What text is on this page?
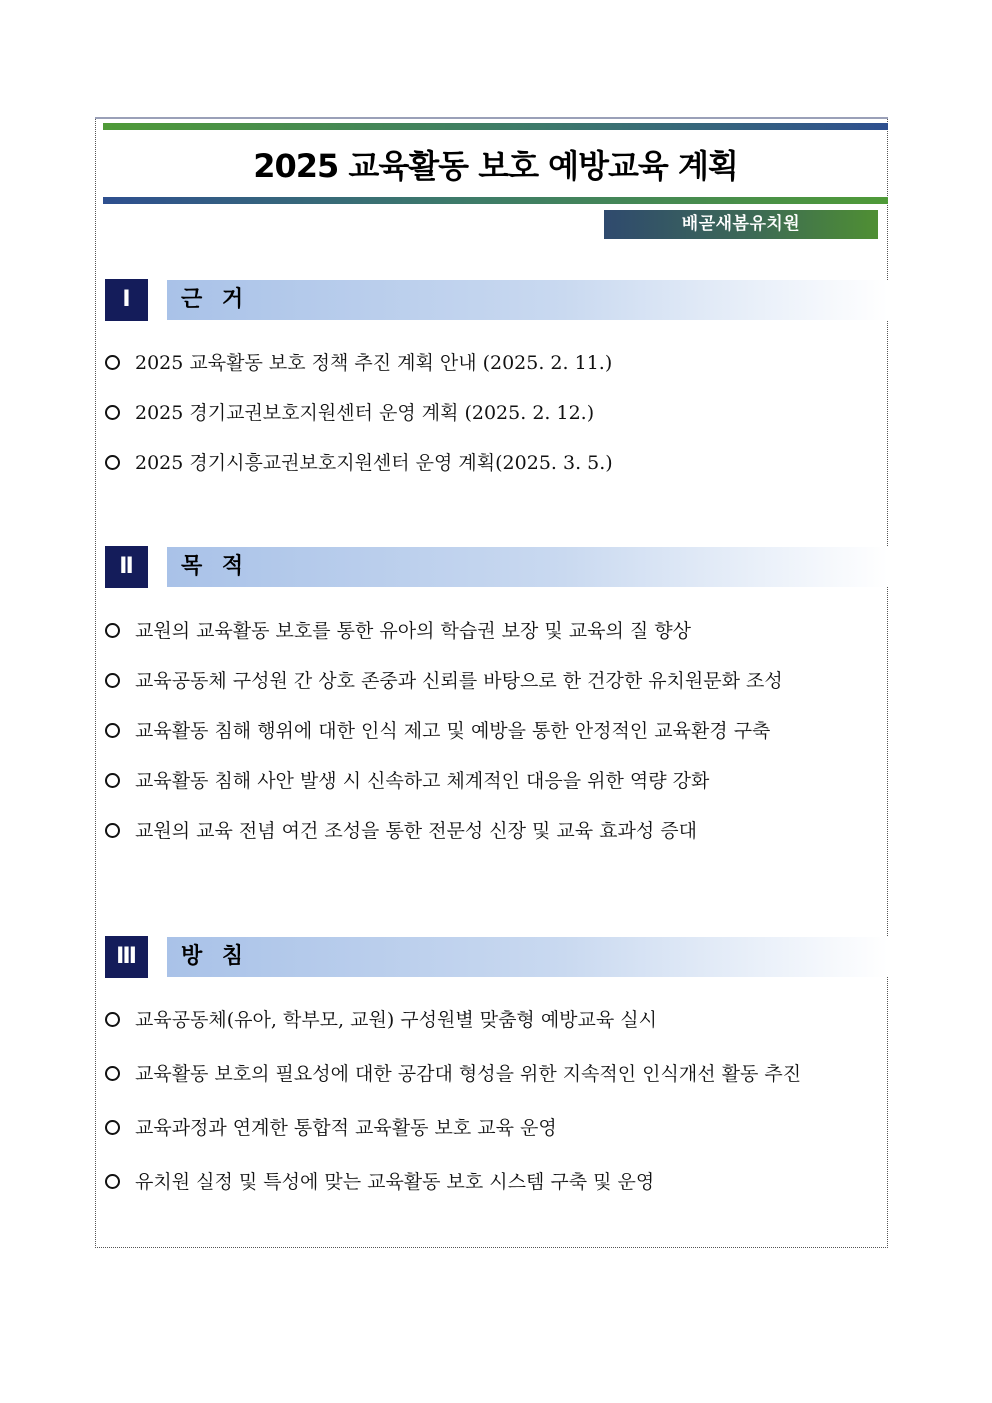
2025 교육활동 보호 예방교육 계획
배곧새봄유치원
Ⅰ	근 거
2025 교육활동 보호 정책 추진 계획 안내 (2025. 2. 11.)
2025 경기교권보호지원센터 운영 계획 (2025. 2. 12.)
2025 경기시흥교권보호지원센터 운영 계획(2025. 3. 5.)
Ⅱ	목 적
교원의 교육활동 보호를 통한 유아의 학습권 보장 및 교육의 질 향상
교육공동체 구성원 간 상호 존중과 신뢰를 바탕으로 한 건강한 유치원문화 조성
교육활동 침해 행위에 대한 인식 제고 및 예방을 통한 안정적인 교육환경 구축
교육활동 침해 사안 발생 시 신속하고 체계적인 대응을 위한 역량 강화
교원의 교육 전념 여건 조성을 통한 전문성 신장 및 교육 효과성 증대
Ⅲ	방 침
교육공동체(유아, 학부모, 교원) 구성원별 맞춤형 예방교육 실시
교육활동 보호의 필요성에 대한 공감대 형성을 위한 지속적인 인식개선 활동 추진
교육과정과 연계한 통합적 교육활동 보호 교육 운영
유치원 실정 및 특성에 맞는 교육활동 보호 시스템 구축 및 운영
